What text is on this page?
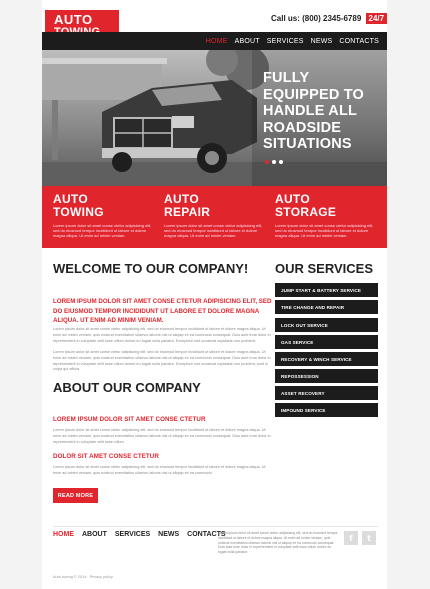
AUTO	Call us: (800) 2345-6789 24/7
HOME ABOUT SERVICES NEWS CONTACTS
FULLY EQUIPPED TO HANDLE ALL ROADSIDE SITUATIONS
AUTO
TOWING
Lorem ipsum dolor sit amet conse ctetur adipisicing elit, sed do eiusmod tempor incididunt ut labore et dolore magna aliqua. Ut enim ad minim veniam.
AUTO
REPAIR
Lorem ipsum dolor sit amet conse ctetur adipisicing elit, sed do eiusmod tempor incididunt ut labore et dolore magna aliqua. Ut enim ad minim veniam.
AUTO
STORAGE
Lorem ipsum dolor sit amet conse ctetur adipisicing elit, sed do eiusmod tempor incididunt ut labore et dolore magna aliqua. Ut enim ad minim veniam.
WELCOME TO OUR COMPANY!
LOREM IPSUM DOLOR SIT AMET CONSE CTETUR ADIPISICING ELIT, SED DO EIUSMOD TEMPOR INCIDIDUNT UT LABORE ET DOLORE MAGNA ALIQUA. UT ENIM AD MINIM VENIAM.
Lorem ipsum dolor sit amet conse ctetur adipisicing elit, sed do eiusmod tempor incididunt ut labore et dolore magna aliqua. Ut enim ad minim veniam, quis nostrud exercitation ullamco laboris nisi ut aliquip ex ea commodo consequat. Duis aute irure dolor in reprehenderit in voluptate velit esse cillum dolore eu fugiat nulla pariatur. Excepteur sint occaecat cupidatat non proident.
Lorem ipsum dolor sit amet conse ctetur adipisicing elit, sed do eiusmod tempor incididunt ut labore et dolore magna aliqua. Ut enim ad minim veniam, quis nostrud exercitation ullamco laboris nisi ut aliquip ex ea commodo consequat. Duis aute irure dolor in reprehenderit in voluptate velit esse cillum dolore eu fugiat nulla pariatur. Excepteur sint occaecat cupidatat non proident, sunt in culpa qui officia.
ABOUT OUR COMPANY
LOREM IPSUM DOLOR SIT AMET CONSE CTETUR
Lorem ipsum dolor sit amet conse ctetur adipisicing elit, sed do eiusmod tempor incididunt ut labore et dolore magna aliqua. Ut enim ad minim veniam, quis nostrud exercitation ullamco laboris nisi ut aliquip ex ea commodo consequat. Duis aute irure dolor in reprehenderit in voluptate velit esse cillum.
DOLOR SIT AMET CONSE CTETUR
Lorem ipsum dolor sit amet conse ctetur adipisicing elit, sed do eiusmod tempor incididunt ut labore et dolore magna aliqua. Ut enim ad minim veniam, quis nostrud exercitation ullamco laboris nisi ut aliquip ex ea commodo.
READ MORE
OUR SERVICES
JUMP START & BATTERY SERVICE
TIRE CHANGE AND REPAIR
LOCK OUT SERVICE
GAS SERVICE
RECOVERY & WINCH SERVICE
REPOSSESSION
ASSET RECOVERY
IMPOUND SERVICE
HOME ABOUT SERVICES NEWS CONTACTS
Lorem ipsum dolor sit amet conse ctetur adipisicing elit, sed do eiusmod tempor incididunt ut labore et dolore magna aliqua. Ut enim ad minim veniam, quis nostrud exercitation ullamco laboris nisi ut aliquip ex ea commodo consequat. Duis aute irure dolor in reprehenderit in voluptate velit esse cillum dolore eu fugiat nulla pariatur.
f	t
Auto towing © 2014 · Privacy policy
